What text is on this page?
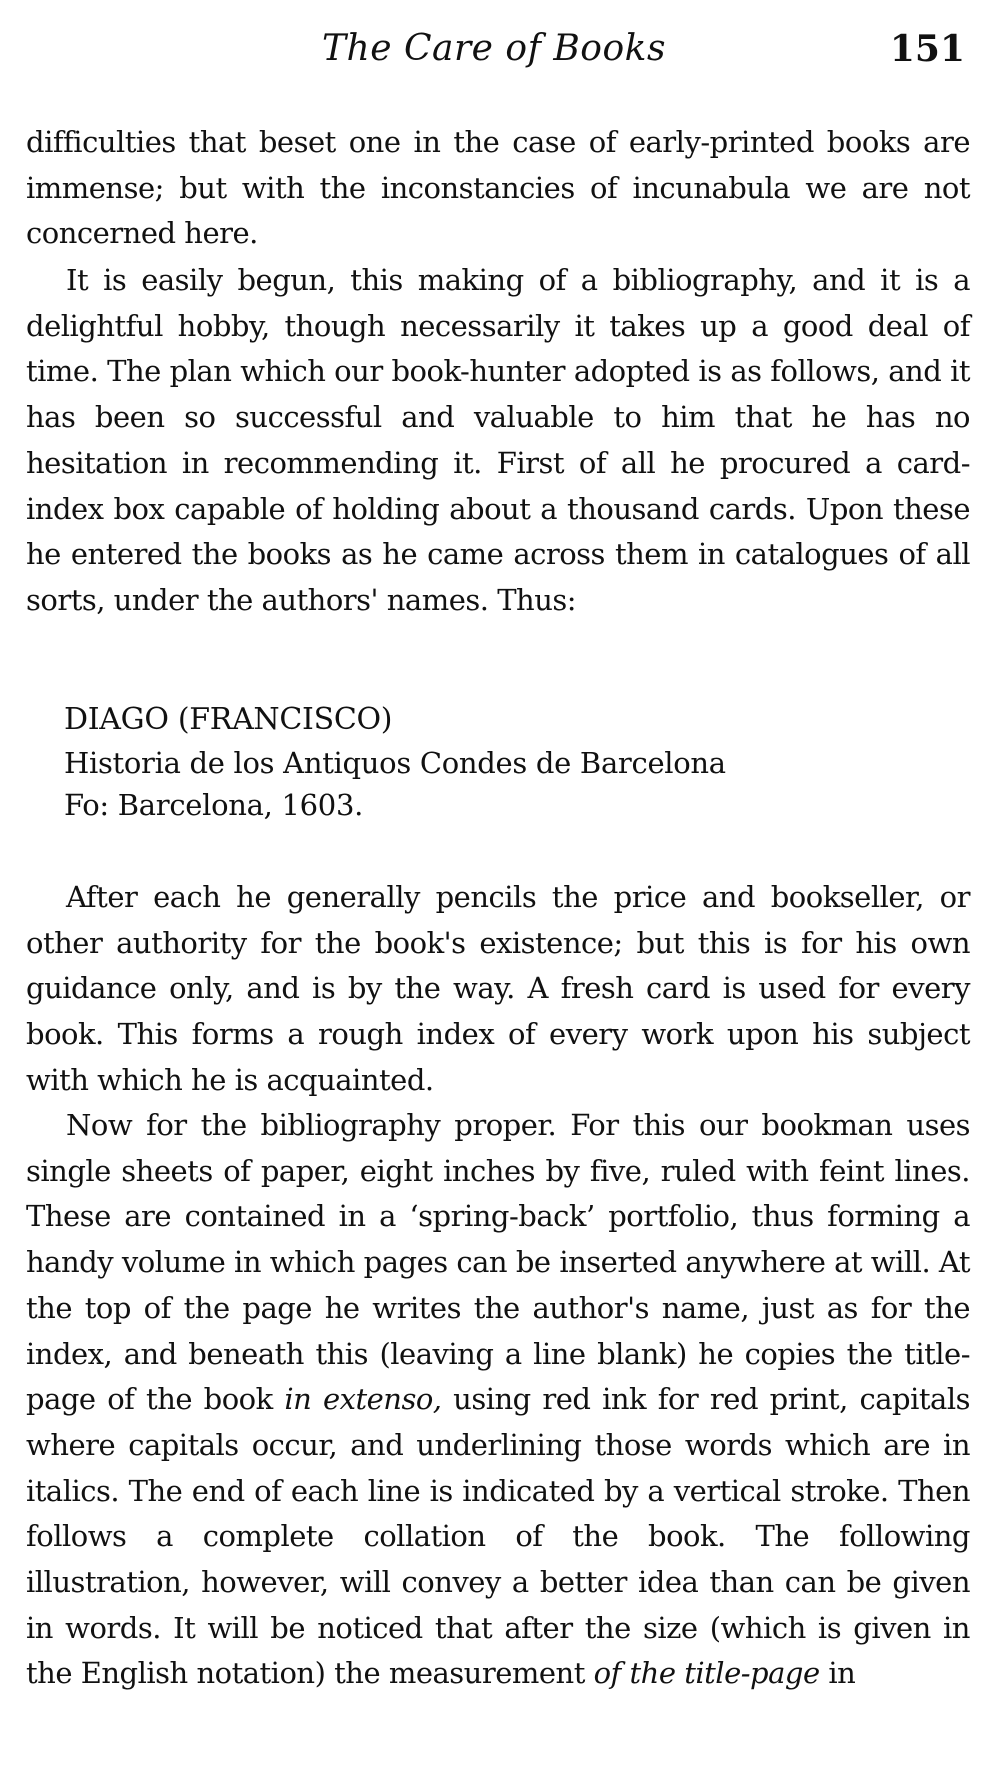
The Care of Books	151

difficulties that beset one in the case of early-printed books are immense; but with the inconstancies of incunabula we are not concerned here.

It is easily begun, this making of a bibliography, and it is a delightful hobby, though necessarily it takes up a good deal of time. The plan which our book-hunter adopted is as follows, and it has been so successful and valuable to him that he has no hesitation in recommending it. First of all he procured a card-index box capable of holding about a thousand cards. Upon these he entered the books as he came across them in catalogues of all sorts, under the authors' names. Thus:

DIAGO (FRANCISCO)

Historia de los Antiquos Condes de Barcelona

Fo: Barcelona, 1603.

After each he generally pencils the price and bookseller, or other authority for the book's existence; but this is for his own guidance only, and is by the way. A fresh card is used for every book. This forms a rough index of every work upon his subject with which he is acquainted.

Now for the bibliography proper. For this our bookman uses single sheets of paper, eight inches by five, ruled with feint lines. These are contained in a ‘spring-back’ portfolio, thus forming a handy volume in which pages can be inserted anywhere at will. At the top of the page he writes the author's name, just as for the index, and beneath this (leaving a line blank) he copies the title-page of the book in extenso, using red ink for red print, capitals where capitals occur, and underlining those words which are in italics. The end of each line is indicated by a vertical stroke. Then follows a complete collation of the book. The following illustration, however, will convey a better idea than can be given in words. It will be noticed that after the size (which is given in the English notation) the measurement of the title-page in
